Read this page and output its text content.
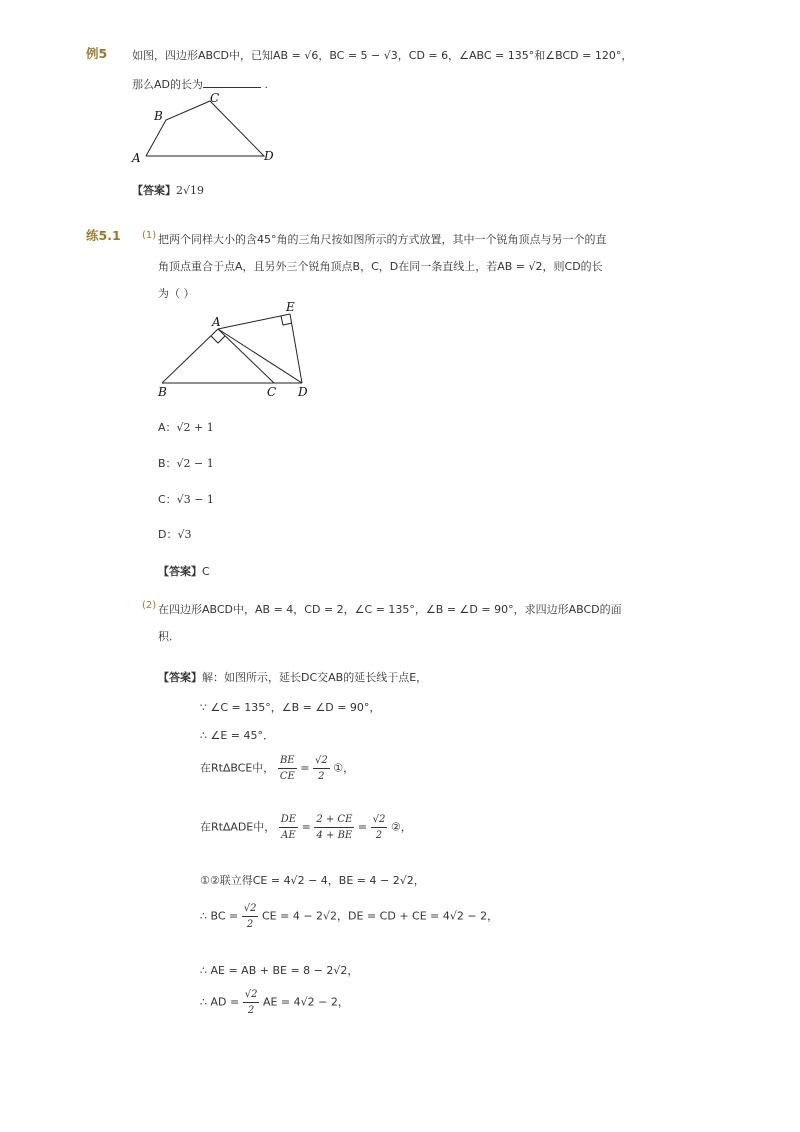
例5 如图，四边形ABCD中，已知AB = √6，BC = 5 − √3，CD = 6，∠ABC = 135°和∠BCD = 120°，
那么AD的长为	.
A
B
C
D
【答案】2√19
练5.1 (1) 把两个同样大小的含45°角的三角尺按如图所示的方式放置，其中一个锐角顶点与另一个的直
角顶点重合于点A，且另外三个锐角顶点B，C，D在同一条直线上，若AB = √2，则CD的长
为（ ）
A
B	C D
E
A：√2 + 1
B：√2 − 1
C：√3 − 1
D：√3
【答案】C
(2) 在四边形ABCD中，AB = 4，CD = 2，∠C = 135°，∠B = ∠D = 90°，求四边形ABCD的面
积．
【答案】解：如图所示，延长DC交AB的延长线于点E，
∵ ∠C = 135°，∠B = ∠D = 90°，
∴ ∠E = 45°．
在Rt∆BCE中， $\frac{BE}{CE} = \frac{√2}{2}$ ①，
在Rt∆ADE中， $\frac{DE}{AE} = \frac{2 + CE}{4 + BE} = \frac{√2}{2}$ ②，
①②联立得CE = 4√2 − 4，BE = 4 − 2√2，
∴ BC = $\frac{√2}{2}$ CE = 4 − 2√2，DE = CD + CE = 4√2 − 2，
∴ AE = AB + BE = 8 − 2√2，
∴ AD = $\frac{√2}{2}$ AE = 4√2 − 2，
